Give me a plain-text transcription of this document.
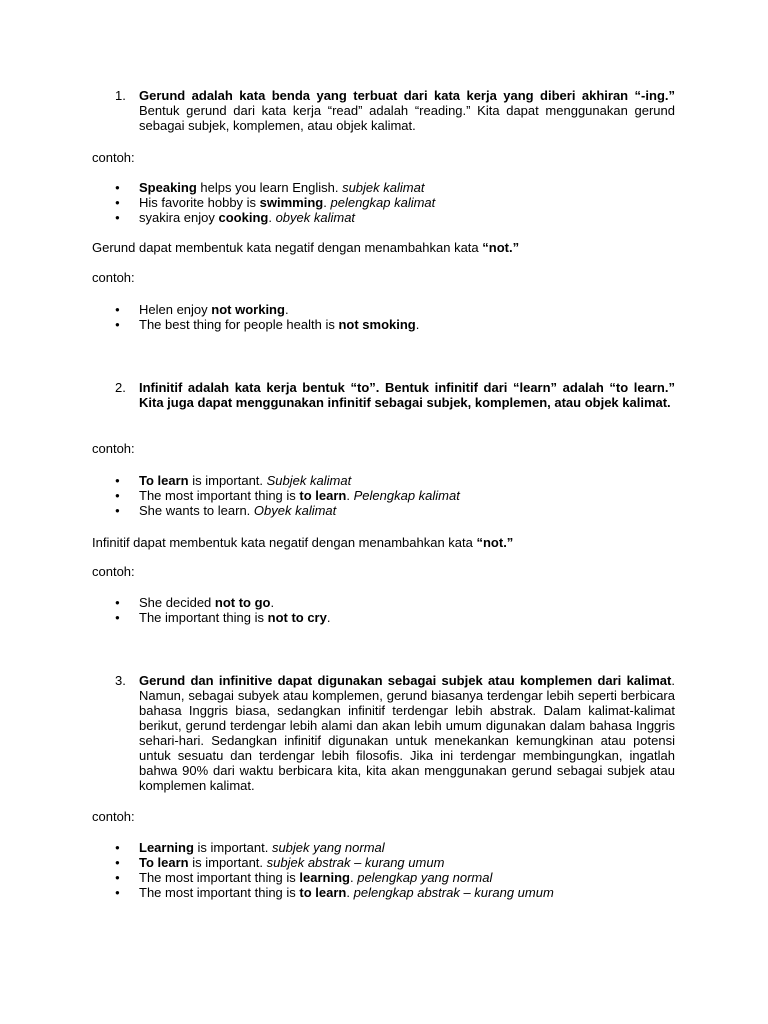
1. Gerund adalah kata benda yang terbuat dari kata kerja yang diberi akhiran “-ing.” Bentuk gerund dari kata kerja “read” adalah “reading.” Kita dapat menggunakan gerund sebagai subjek, komplemen, atau objek kalimat.
contoh:
● Speaking helps you learn English. subjek kalimat
● His favorite hobby is swimming. pelengkap kalimat
● syakira enjoy cooking. obyek kalimat
Gerund dapat membentuk kata negatif dengan menambahkan kata “not.”
contoh:
● Helen enjoy not working.
● The best thing for people health is not smoking.
2. Infinitif adalah kata kerja bentuk “to”. Bentuk infinitif dari “learn” adalah “to learn.” Kita juga dapat menggunakan infinitif sebagai subjek, komplemen, atau objek kalimat.
contoh:
● To learn is important. Subjek kalimat
● The most important thing is to learn. Pelengkap kalimat
● She wants to learn. Obyek kalimat
Infinitif dapat membentuk kata negatif dengan menambahkan kata “not.”
contoh:
● She decided not to go.
● The important thing is not to cry.
3. Gerund dan infinitive dapat digunakan sebagai subjek atau komplemen dari kalimat. Namun, sebagai subyek atau komplemen, gerund biasanya terdengar lebih seperti berbicara bahasa Inggris biasa, sedangkan infinitif terdengar lebih abstrak. Dalam kalimat-kalimat berikut, gerund terdengar lebih alami dan akan lebih umum digunakan dalam bahasa Inggris sehari-hari. Sedangkan infinitif digunakan untuk menekankan kemungkinan atau potensi untuk sesuatu dan terdengar lebih filosofis. Jika ini terdengar membingungkan, ingatlah bahwa 90% dari waktu berbicara kita, kita akan menggunakan gerund sebagai subjek atau komplemen kalimat.
contoh:
● Learning is important. subjek yang normal
● To learn is important. subjek abstrak – kurang umum
● The most important thing is learning. pelengkap yang normal
● The most important thing is to learn. pelengkap abstrak – kurang umum
